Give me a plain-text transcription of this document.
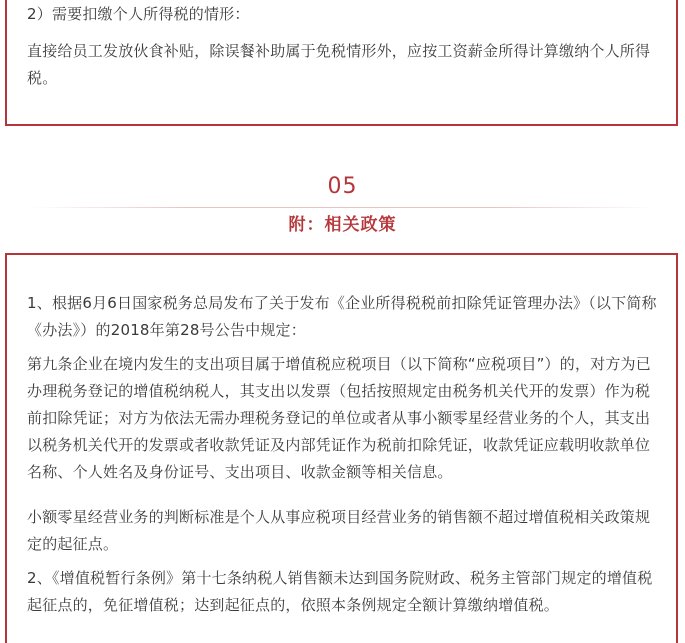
2）需要扣缴个人所得税的情形：

直接给员工发放伙食补贴，除误餐补助属于免税情形外，应按工资薪金所得计算缴纳个人所得税。

05
附：相关政策

1、根据6月6日国家税务总局发布了关于发布《企业所得税税前扣除凭证管理办法》（以下简称《办法》）的2018年第28号公告中规定：

第九条企业在境内发生的支出项目属于增值税应税项目（以下简称“应税项目”）的，对方为已办理税务登记的增值税纳税人，其支出以发票（包括按照规定由税务机关代开的发票）作为税前扣除凭证；对方为依法无需办理税务登记的单位或者从事小额零星经营业务的个人，其支出以税务机关代开的发票或者收款凭证及内部凭证作为税前扣除凭证，收款凭证应载明收款单位名称、个人姓名及身份证号、支出项目、收款金额等相关信息。

小额零星经营业务的判断标准是个人从事应税项目经营业务的销售额不超过增值税相关政策规定的起征点。

2、《增值税暂行条例》第十七条纳税人销售额未达到国务院财政、税务主管部门规定的增值税起征点的，免征增值税；达到起征点的，依照本条例规定全额计算缴纳增值税。
